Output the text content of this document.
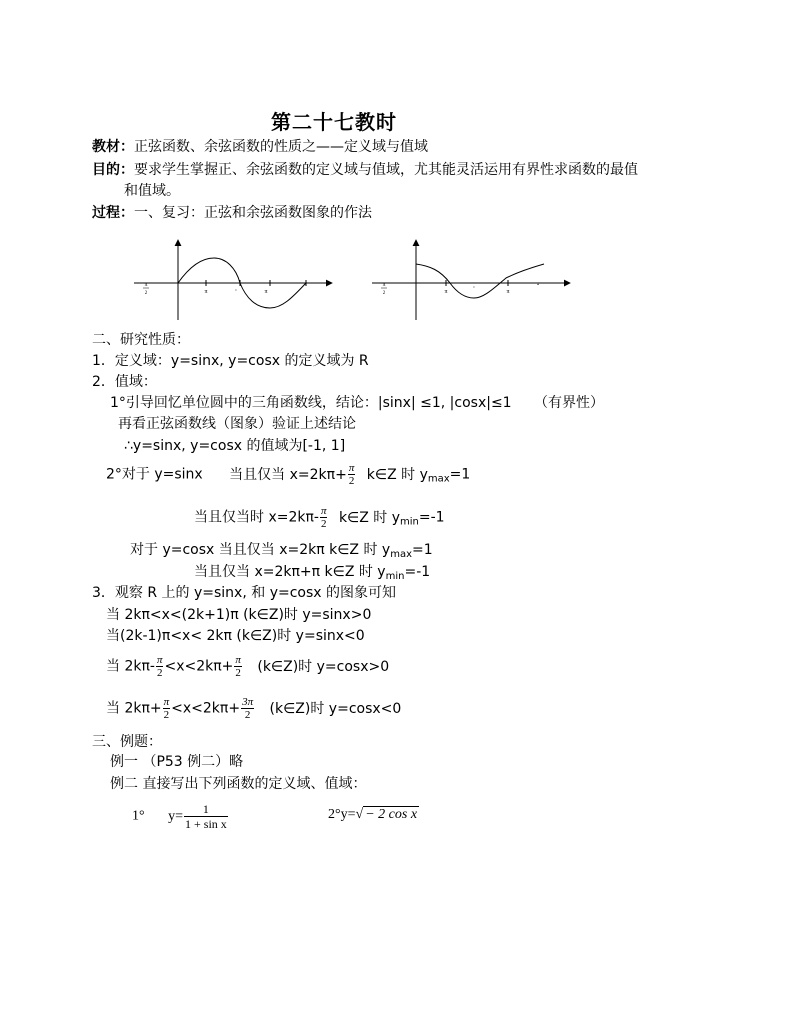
第二十七教时
教材：正弦函数、余弦函数的性质之——定义域与值域
目的：要求学生掌握正、余弦函数的定义域与值域，尤其能灵活运用有界性求函数的最值
和值域。
过程：一、复习：正弦和余弦函数图象的作法
π
2	π	·	π
π
2	π	·	π
·
二、研究性质：
1．定义域：y=sinx, y=cosx 的定义域为 R
2．值域：
1°引导回忆单位圆中的三角函数线，结论：|sinx| ≤1, |cosx|≤1 （有界性）
再看正弦函数线（图象）验证上述结论
∴y=sinx, y=cosx 的值域为[-1, 1]
2°对于 y=sinx 当且仅当 $x=2k\pi+ \frac{\pi}{2}$ k∈Z 时 $y_{max}=1$
当且仅当时 $x=2k\pi- \frac{\pi}{2}$ k∈Z 时 $y_{min}=-1$
对于 y=cosx 当且仅当 x=2kπ k∈Z 时 $y_{max}=1$
当且仅当 x=2kπ+π k∈Z 时 $y_{min}=-1$
3．观察 R 上的 y=sinx, 和 y=cosx 的图象可知
当 2kπ<x<(2k+1)π (k∈Z)时 y=sinx>0
当(2k-1)π<x< 2kπ (k∈Z)时 y=sinx<0
当 $2k\pi- \frac{\pi}{2} <x<2k\pi+ \frac{\pi}{2}$ (k∈Z)时 y=cosx>0
当 $2k\pi+ \frac{\pi}{2} <x<2k\pi+ \frac{3\pi}{2}$ (k∈Z)时 y=cosx<0
三、例题：
例一 （P53 例二）略
例二 直接写出下列函数的定义域、值域：
1° $y= \frac{1}{\text{1 + sin x}}$	2°y=√ − 2 cos x
